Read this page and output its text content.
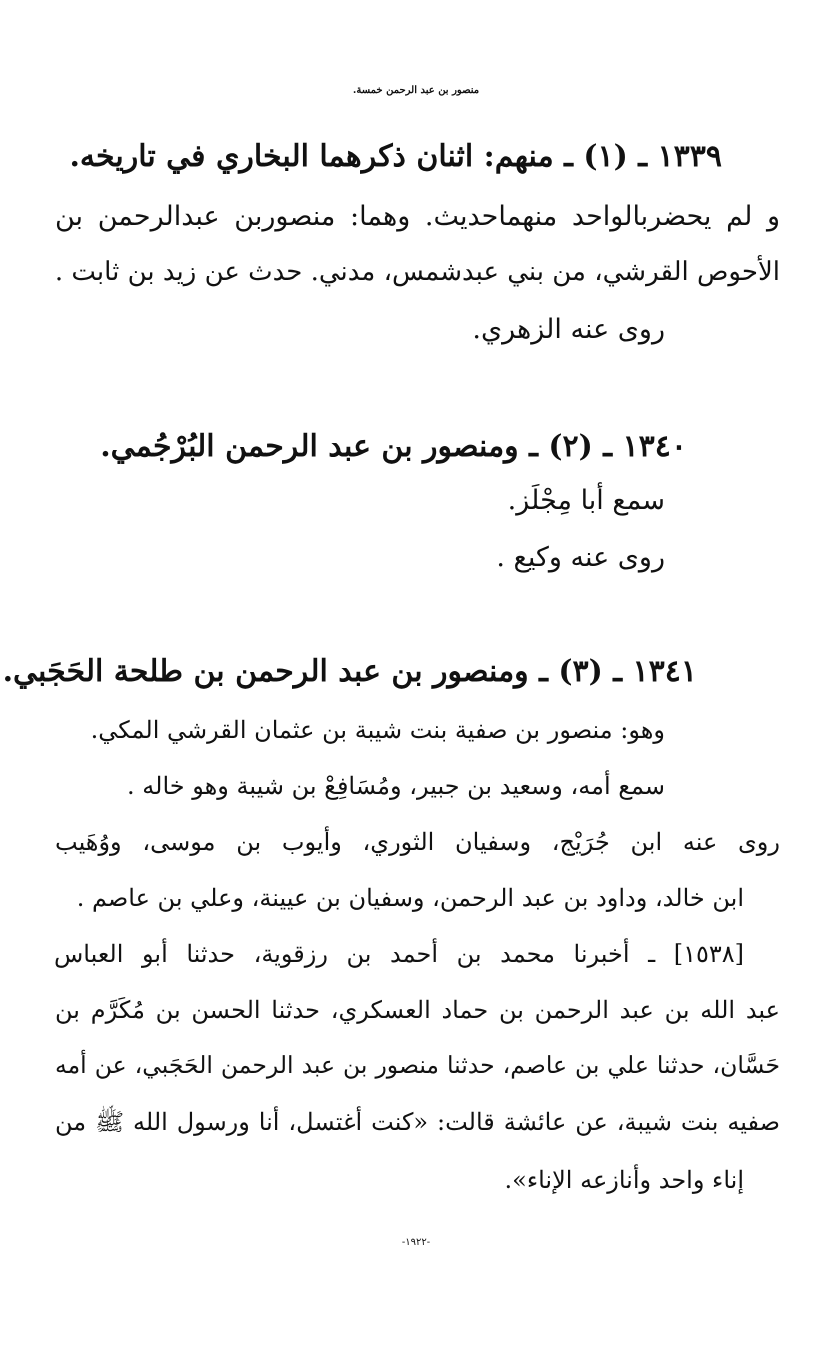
منصور بن عبد الرحمن خمسة.
١٣٣٩ ـ (١) ـ منهم: اثنان ذكرهما البخاري في تاريخه.
و لم يحضربالواحد منهماحديث. وهما: منصوربن عبدالرحمن بن
الأحوص القرشي، من بني عبدشمس، مدني. حدث عن زيد بن ثابت .
روى عنه الزهري.
١٣٤٠ ـ (٢) ـ ومنصور بن عبد الرحمن البُرْجُمي.
سمع أبا مِجْلَز.
روى عنه وكيع .
١٣٤١ ـ (٣) ـ ومنصور بن عبد الرحمن بن طلحة الحَجَبي.
وهو: منصور بن صفية بنت شيبة بن عثمان القرشي المكي.
سمع أمه، وسعيد بن جبير، ومُسَافِعْ بن شيبة وهو خاله .
روى عنه ابن جُرَيْج، وسفيان الثوري، وأيوب بن موسى، ووُهَيب
ابن خالد، وداود بن عبد الرحمن، وسفيان بن عيينة، وعلي بن عاصم .
[١٥٣٨] ـ أخبرنا محمد بن أحمد بن رزقوية، حدثنا أبو العباس
عبد الله بن عبد الرحمن بن حماد العسكري، حدثنا الحسن بن مُكَرَّم بن
حَسَّان، حدثنا علي بن عاصم، حدثنا منصور بن عبد الرحمن الحَجَبي، عن أمه
صفيه بنت شيبة، عن عائشة قالت: «كنت أغتسل، أنا ورسول الله ﷺ من
إناء واحد وأنازعه الإناء».
-١٩٢٢-
